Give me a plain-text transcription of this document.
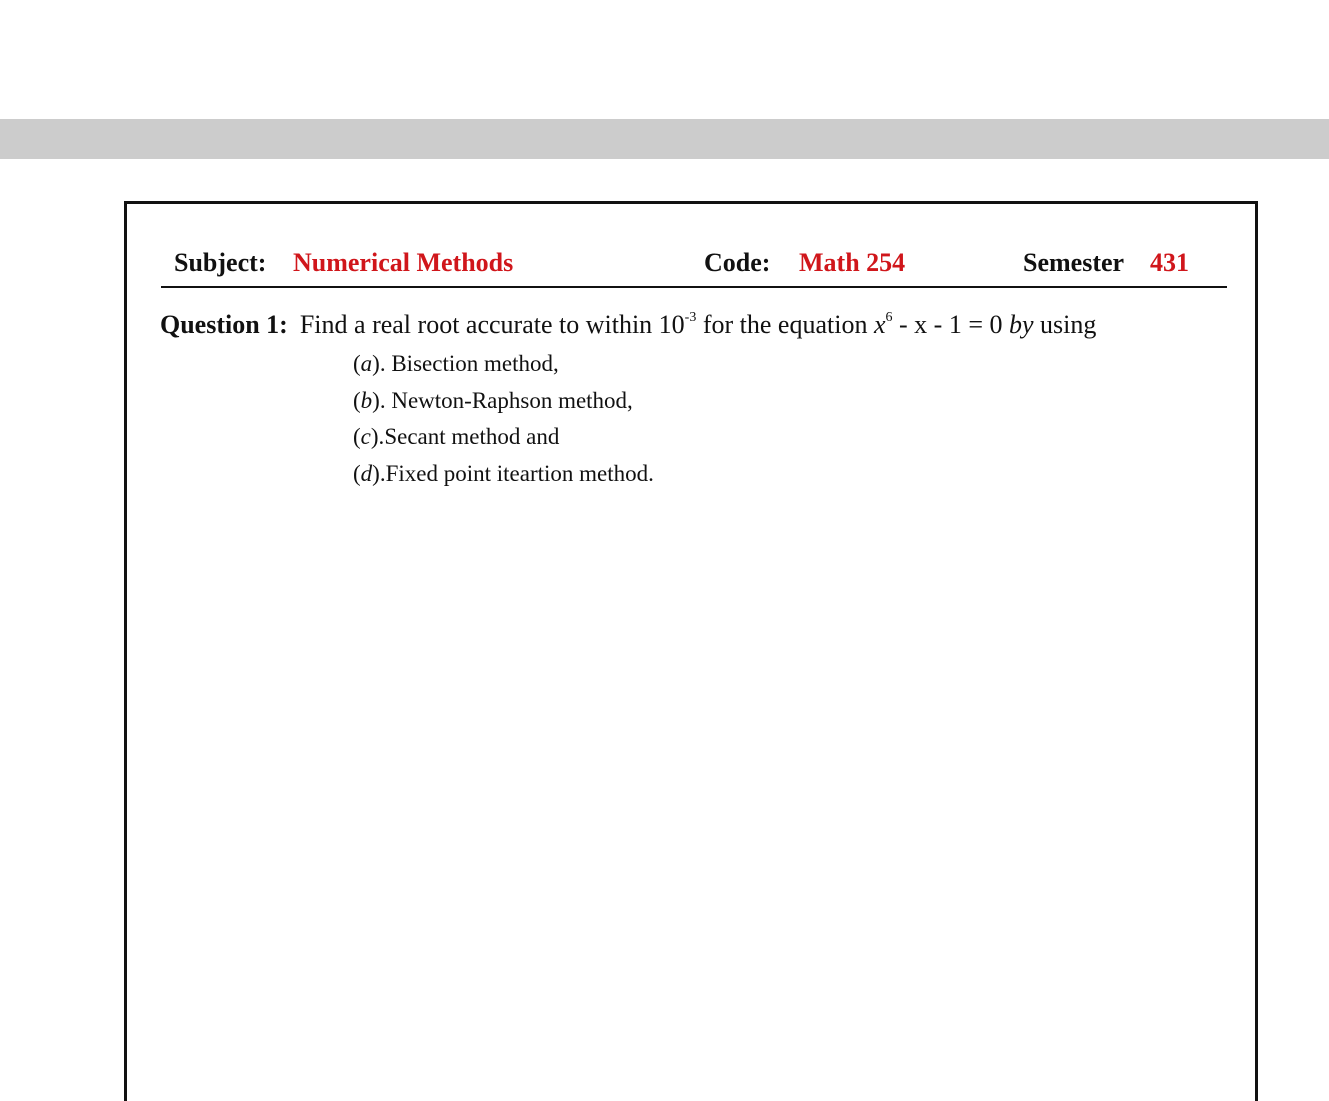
Subject: Numerical Methods	Code: Math 254	Semester 431
Question 1: Find a real root accurate to within $10^{-3}$ for the equation $x^6 - x - 1 = 0$ by using
(a). Bisection method,
(b). Newton-Raphson method,
(c).Secant method and
(d).Fixed point iteartion method.
